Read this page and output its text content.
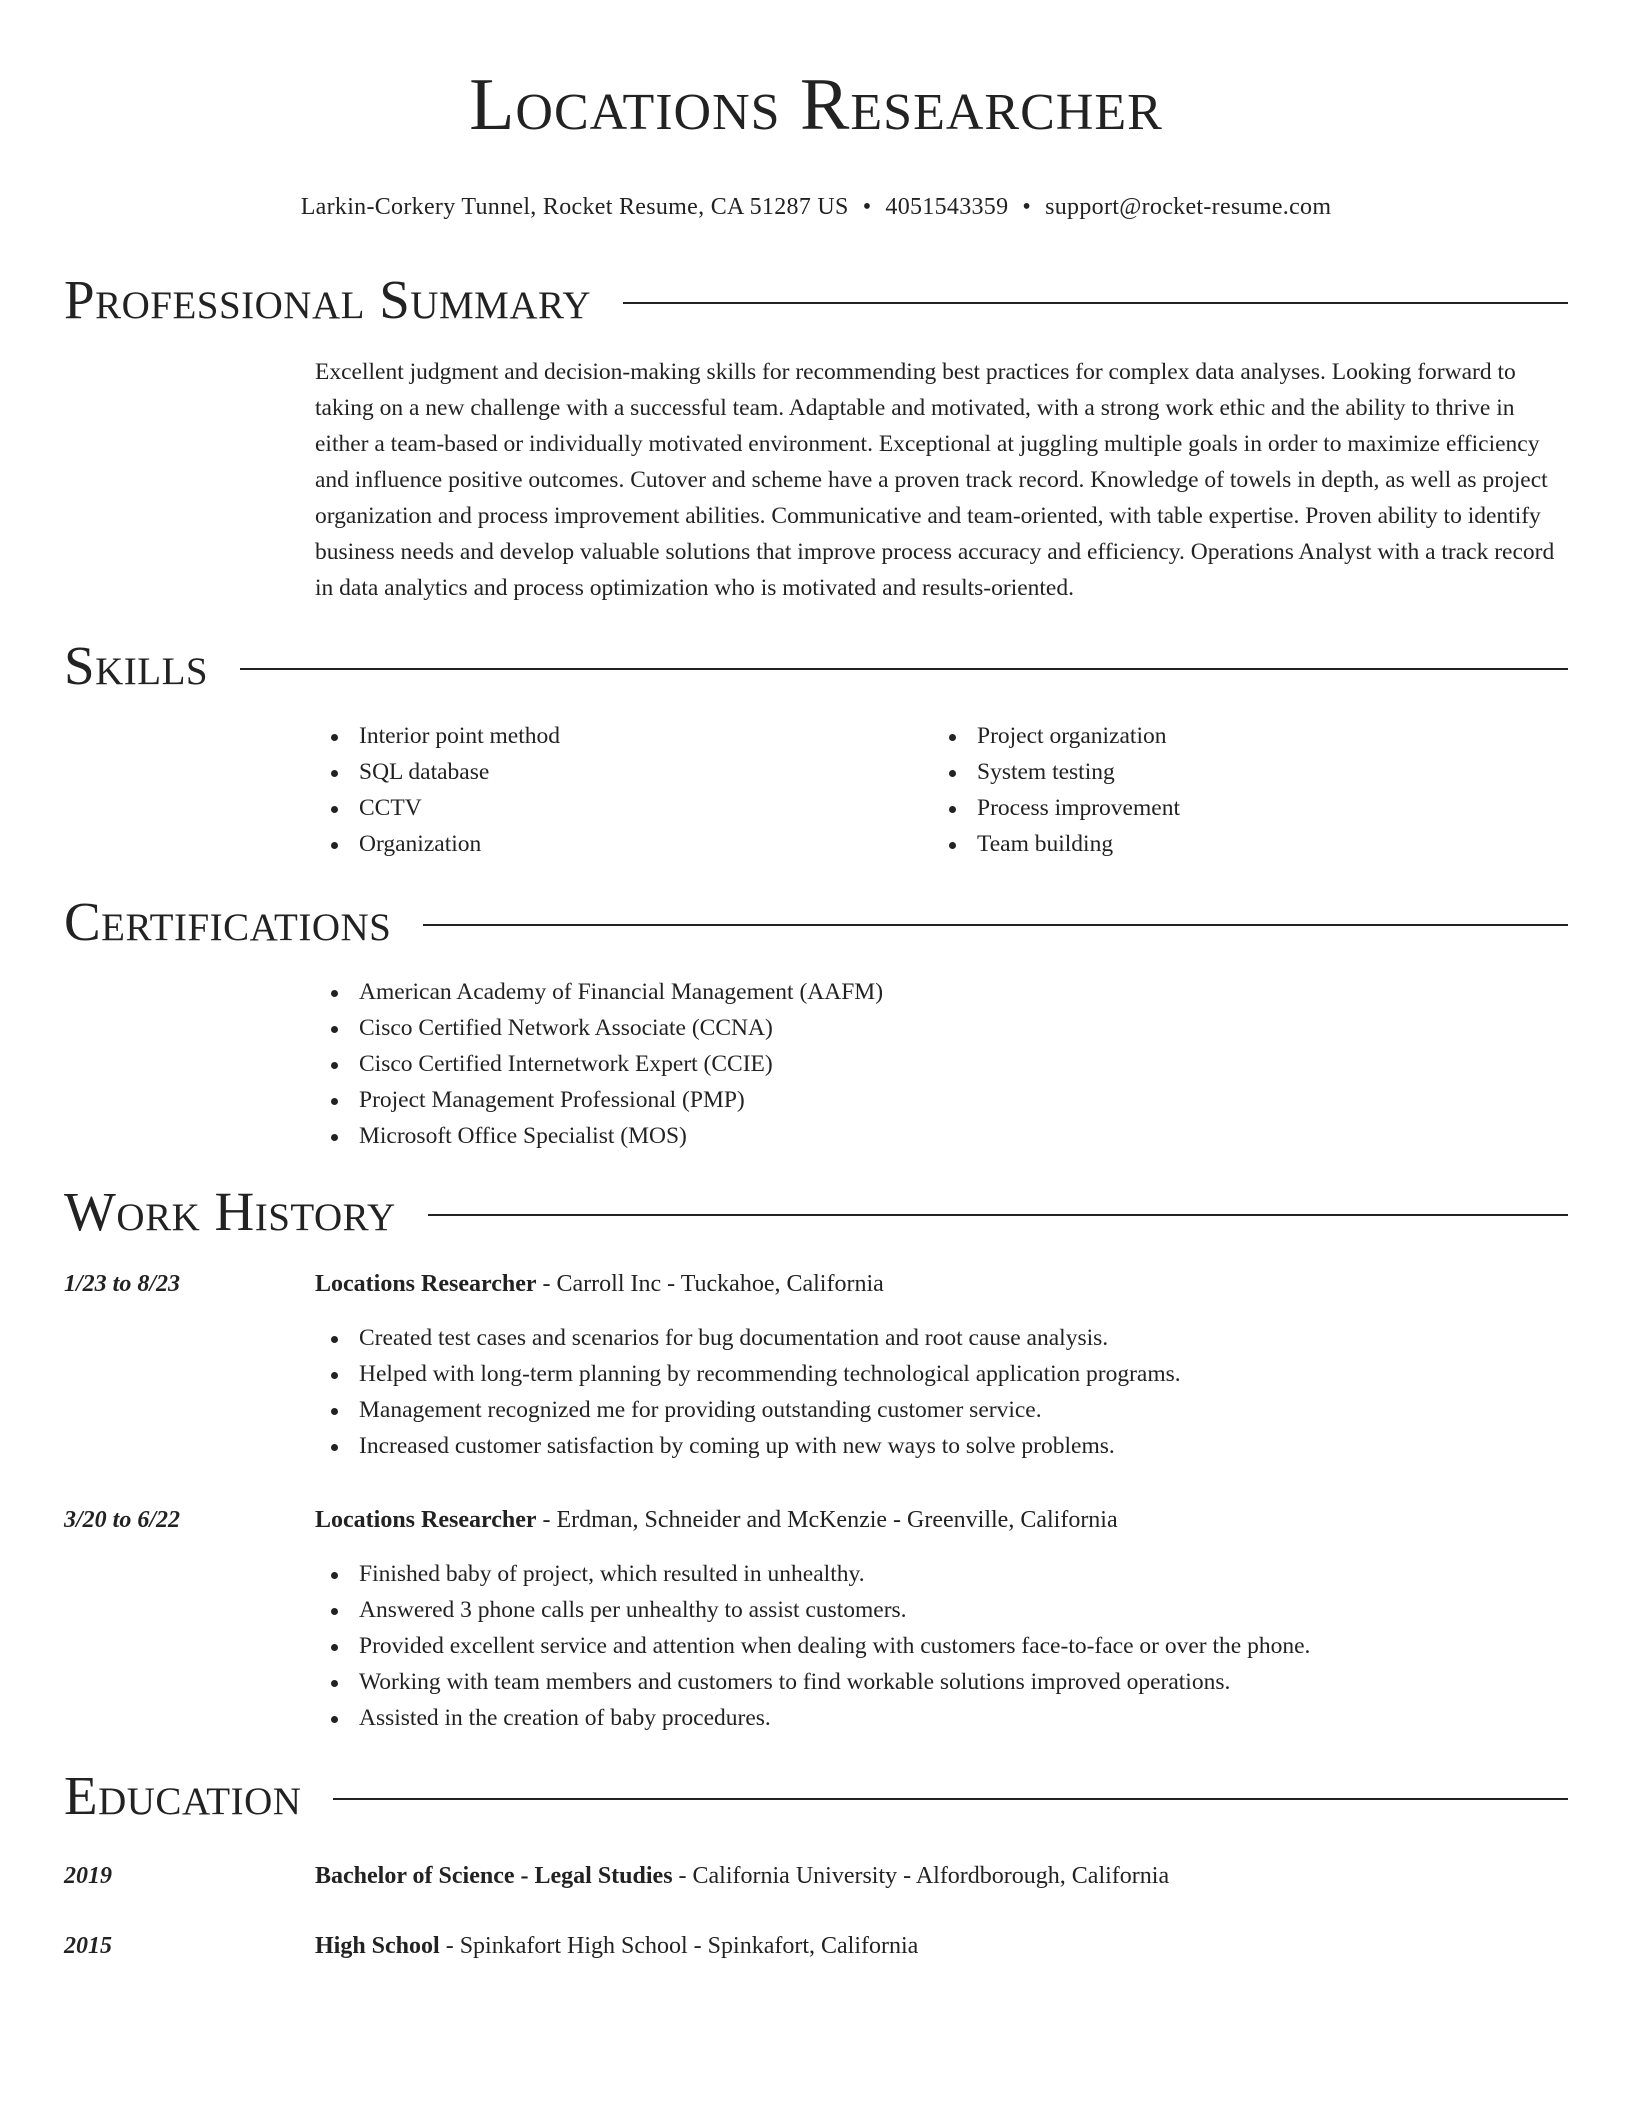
Locations Researcher
Larkin-Corkery Tunnel, Rocket Resume, CA 51287 US • 4051543359 • support@rocket-resume.com
Professional Summary

Excellent judgment and decision-making skills for recommending best practices for complex data analyses. Looking forward to taking on a new challenge with a successful team. Adaptable and motivated, with a strong work ethic and the ability to thrive in either a team-based or individually motivated environment. Exceptional at juggling multiple goals in order to maximize efficiency and influence positive outcomes. Cutover and scheme have a proven track record. Knowledge of towels in depth, as well as project organization and process improvement abilities. Communicative and team-oriented, with table expertise. Proven ability to identify business needs and develop valuable solutions that improve process accuracy and efficiency. Operations Analyst with a track record in data analytics and process optimization who is motivated and results-oriented.

Skills
Interior point method
SQL database
CCTV
Organization
Project organization
System testing
Process improvement
Team building
Certifications
American Academy of Financial Management (AAFM)
Cisco Certified Network Associate (CCNA)
Cisco Certified Internetwork Expert (CCIE)
Project Management Professional (PMP)
Microsoft Office Specialist (MOS)
Work History
1/23 to 8/23	Locations Researcher - Carroll Inc - Tuckahoe, California
Created test cases and scenarios for bug documentation and root cause analysis.
Helped with long-term planning by recommending technological application programs.
Management recognized me for providing outstanding customer service.
Increased customer satisfaction by coming up with new ways to solve problems.
3/20 to 6/22	Locations Researcher - Erdman, Schneider and McKenzie - Greenville, California
Finished baby of project, which resulted in unhealthy.
Answered 3 phone calls per unhealthy to assist customers.
Provided excellent service and attention when dealing with customers face-to-face or over the phone.
Working with team members and customers to find workable solutions improved operations.
Assisted in the creation of baby procedures.
Education
2019	Bachelor of Science - Legal Studies - California University - Alfordborough, California
2015	High School - Spinkafort High School - Spinkafort, California
